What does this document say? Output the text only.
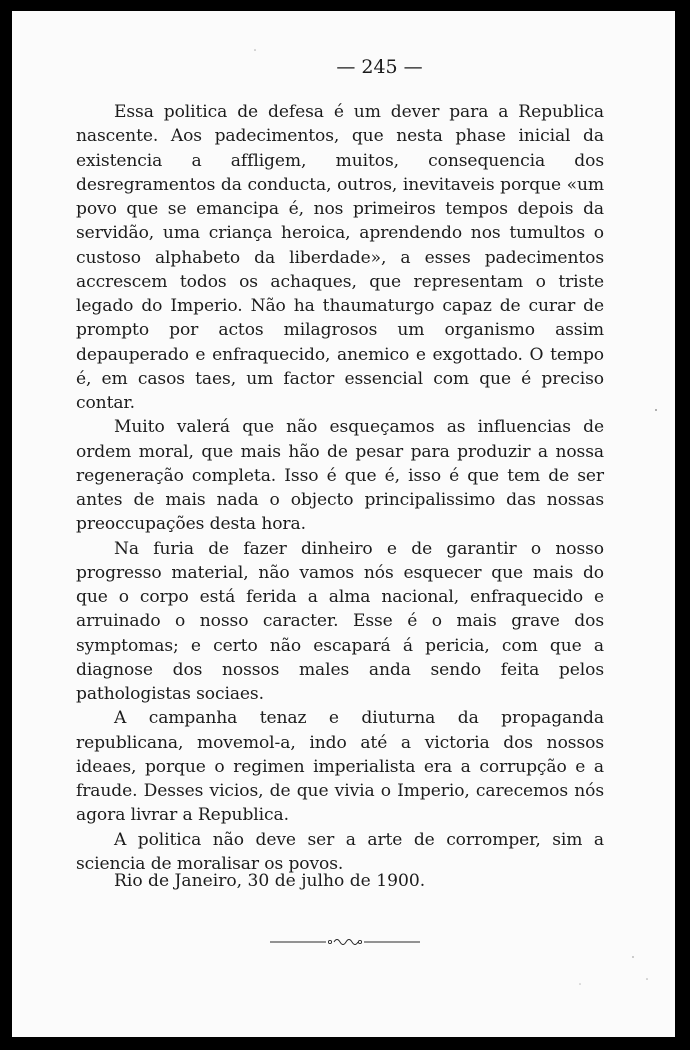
— 245 —

Essa politica de defesa é um dever para a Republica nascente. Aos padecimentos, que nesta phase inicial da existencia a affligem, muitos, consequencia dos desregramentos da conducta, outros, inevitaveis porque «um povo que se emancipa é, nos primeiros tempos depois da servidão, uma criança heroica, aprendendo nos tumultos o custoso alphabeto da liberdade», a esses padecimentos accrescem todos os achaques, que representam o triste legado do Imperio. Não ha thaumaturgo capaz de curar de prompto por actos milagrosos um organismo assim depauperado e enfraquecido, anemico e exgottado. O tempo é, em casos taes, um factor essencial com que é preciso contar.

Muito valerá que não esqueçamos as influencias de ordem moral, que mais hão de pesar para produzir a nossa regeneração completa. Isso é que é, isso é que tem de ser antes de mais nada o objecto principalissimo das nossas preoccupações desta hora.

Na furia de fazer dinheiro e de garantir o nosso progresso material, não vamos nós esquecer que mais do que o corpo está ferida a alma nacional, enfraquecido e arruinado o nosso caracter. Esse é o mais grave dos symptomas; e certo não escapará á pericia, com que a diagnose dos nossos males anda sendo feita pelos pathologistas sociaes.

A campanha tenaz e diuturna da propaganda republicana, movemol-a, indo até a victoria dos nossos ideaes, porque o regimen imperialista era a corrupção e a fraude. Desses vicios, de que vivia o Imperio, carecemos nós agora livrar a Republica.

A politica não deve ser a arte de corromper, sim a sciencia de moralisar os povos.

Rio de Janeiro, 30 de julho de 1900.
